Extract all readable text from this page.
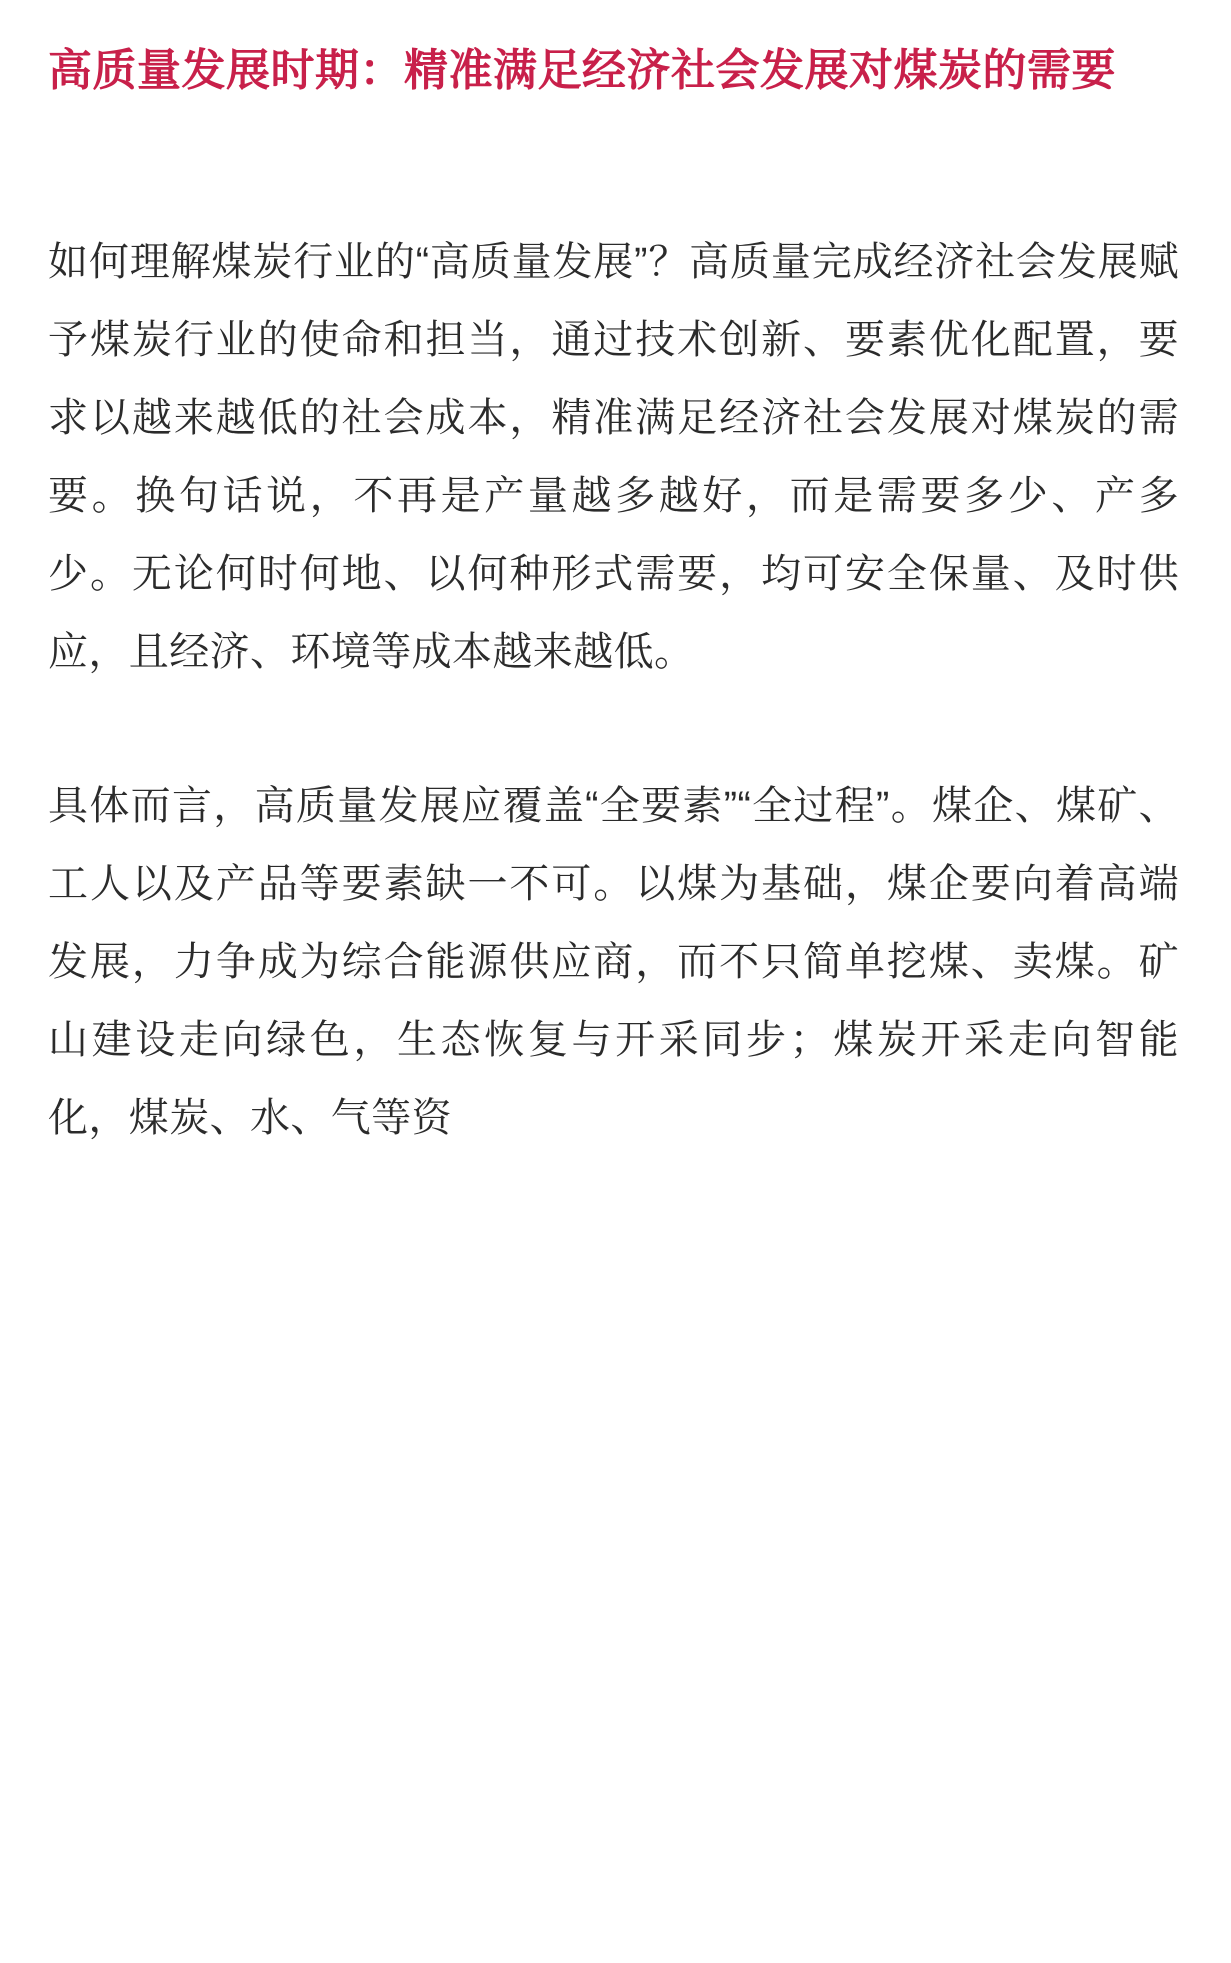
高质量发展时期：精准满足经济社会发展对煤炭的需要

如何理解煤炭行业的“高质量发展”？高质量完成经济社会发展赋予煤炭行业的使命和担当，通过技术创新、要素优化配置，要求以越来越低的社会成本，精准满足经济社会发展对煤炭的需要。换句话说，不再是产量越多越好，而是需要多少、产多少。无论何时何地、以何种形式需要，均可安全保量、及时供应，且经济、环境等成本越来越低。

具体而言，高质量发展应覆盖“全要素”“全过程”。煤企、煤矿、工人以及产品等要素缺一不可。以煤为基础，煤企要向着高端发展，力争成为综合能源供应商，而不只简单挖煤、卖煤。矿山建设走向绿色，生态恢复与开采同步；煤炭开采走向智能化，煤炭、水、气等资
